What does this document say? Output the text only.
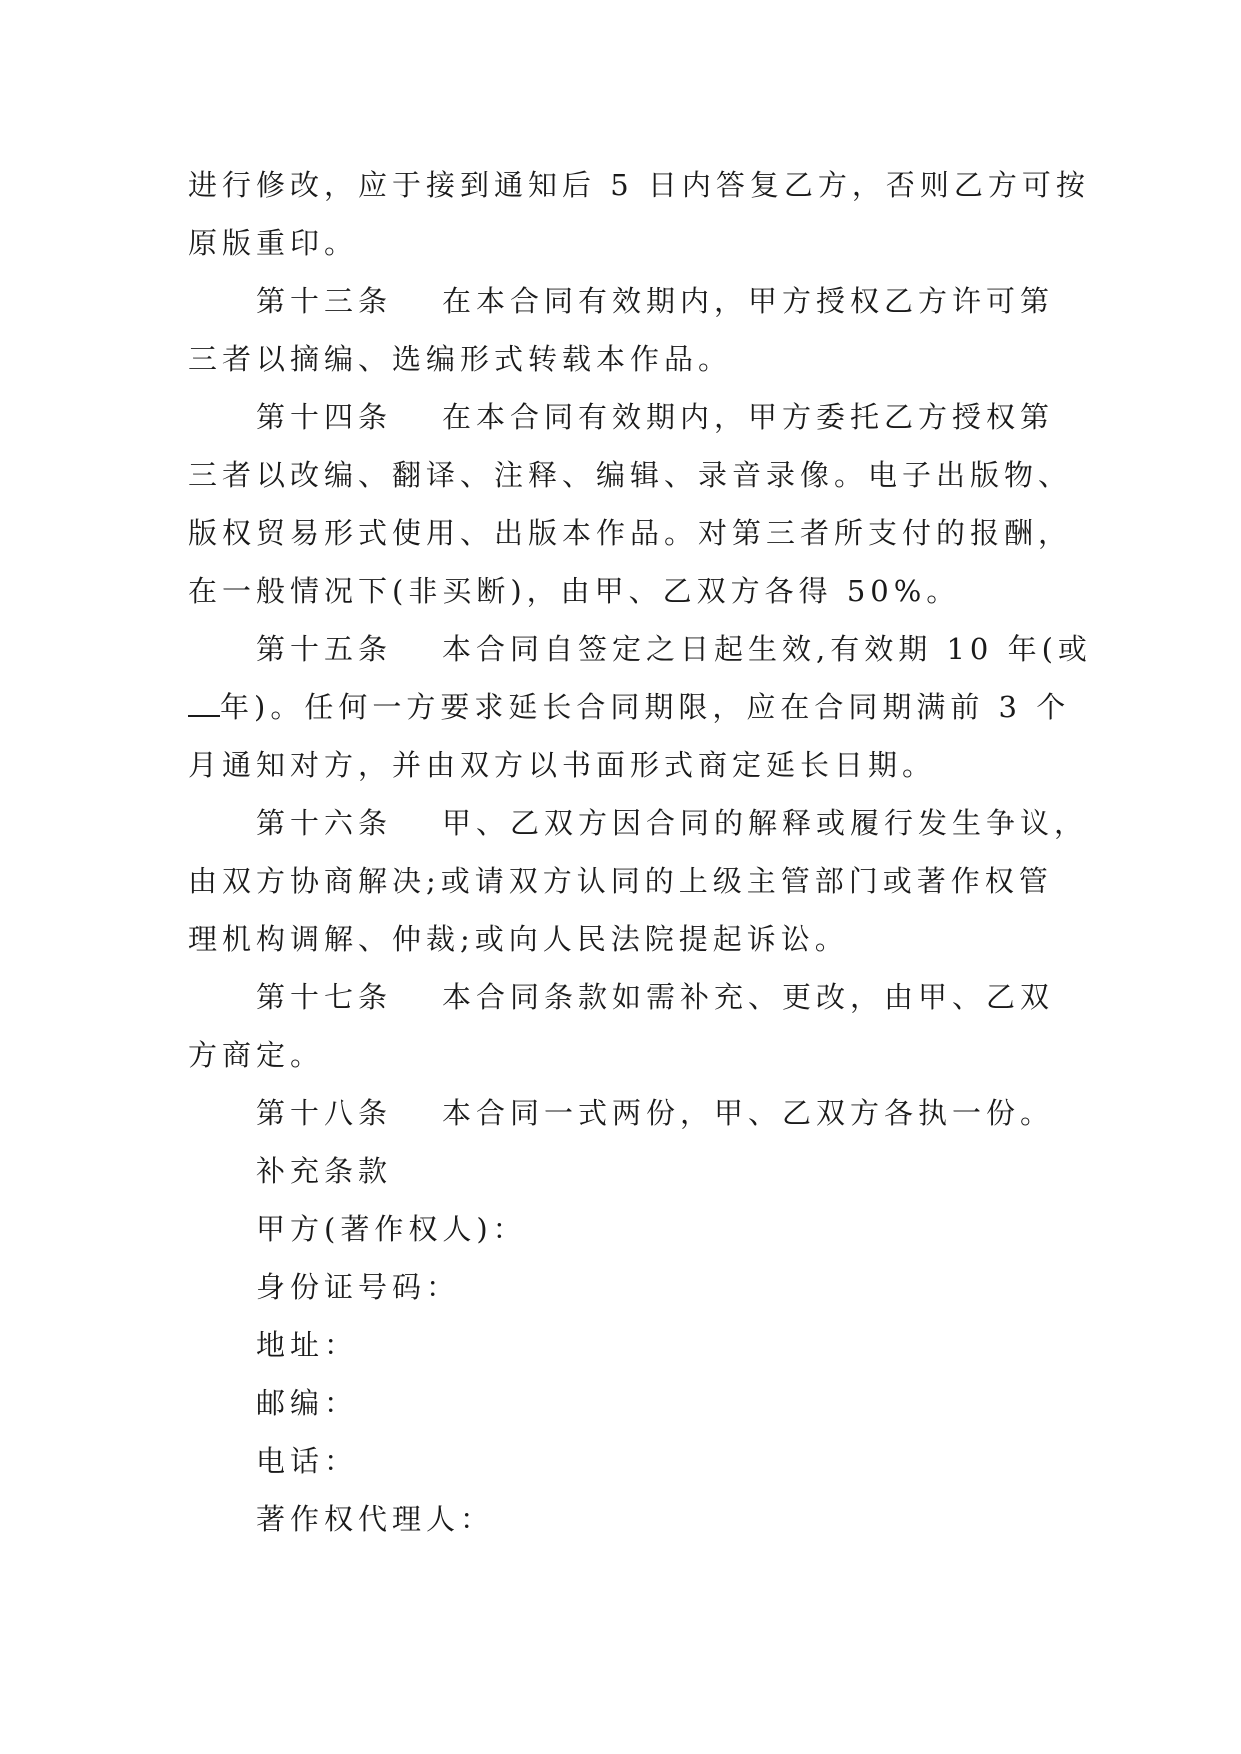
进行修改，应于接到通知后 5 日内答复乙方，否则乙方可按
原版重印。
第十三条 在本合同有效期内，甲方授权乙方许可第
三者以摘编、选编形式转载本作品。
第十四条 在本合同有效期内，甲方委托乙方授权第
三者以改编、翻译、注释、编辑、录音录像。电子出版物、
版权贸易形式使用、出版本作品。对第三者所支付的报酬，
在一般情况下(非买断)，由甲、乙双方各得 50%。
第十五条 本合同自签定之日起生效,有效期 10 年(或
年)。任何一方要求延长合同期限，应在合同期满前 3 个
月通知对方，并由双方以书面形式商定延长日期。
第十六条 甲、乙双方因合同的解释或履行发生争议，
由双方协商解决;或请双方认同的上级主管部门或著作权管
理机构调解、仲裁;或向人民法院提起诉讼。
第十七条 本合同条款如需补充、更改，由甲、乙双
方商定。
第十八条 本合同一式两份，甲、乙双方各执一份。
补充条款
甲方(著作权人)：
身份证号码：
地址：
邮编：
电话：
著作权代理人：
